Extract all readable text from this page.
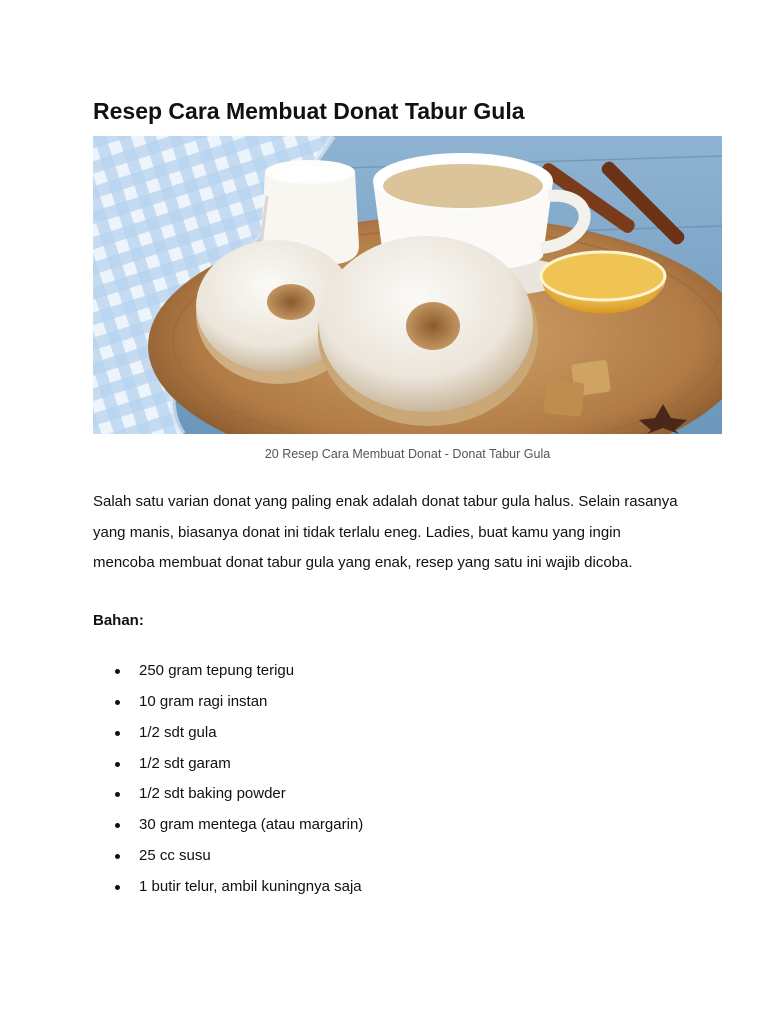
Resep Cara Membuat Donat Tabur Gula

20 Resep Cara Membuat Donat - Donat Tabur Gula

Salah satu varian donat yang paling enak adalah donat tabur gula halus. Selain rasanya yang manis, biasanya donat ini tidak terlalu eneg. Ladies, buat kamu yang ingin mencoba membuat donat tabur gula yang enak, resep yang satu ini wajib dicoba.

Bahan:

250 gram tepung terigu
10 gram ragi instan
1/2 sdt gula
1/2 sdt garam
1/2 sdt baking powder
30 gram mentega (atau margarin)
25 cc susu
1 butir telur, ambil kuningnya saja
